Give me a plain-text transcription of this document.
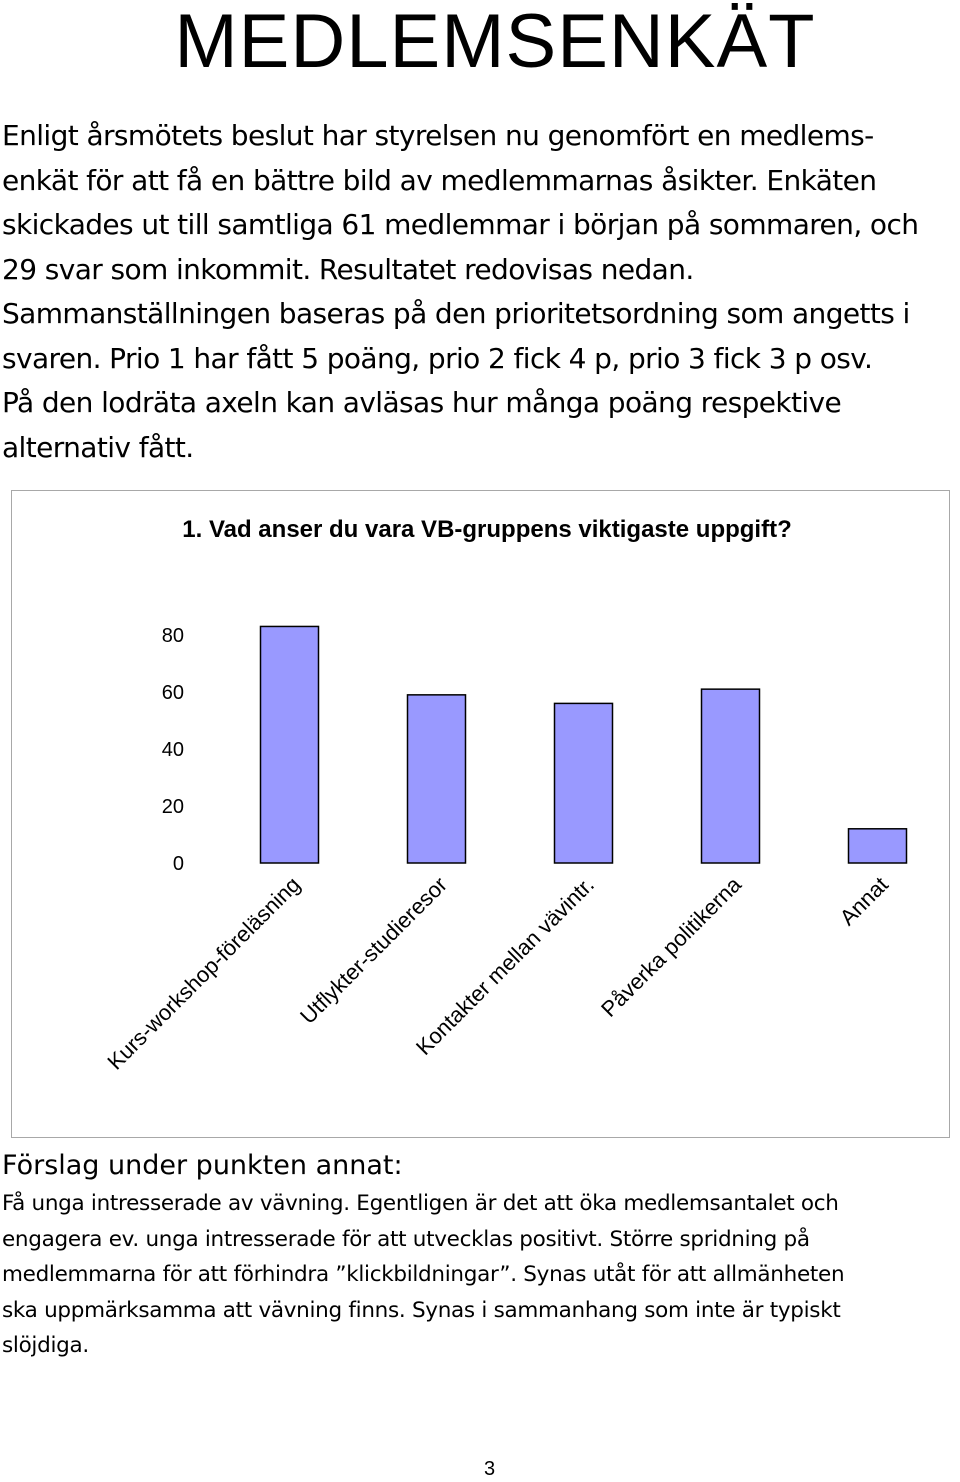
MEDLEMSENKÄT
Enligt årsmötets beslut har styrelsen nu genomfört en medlems-
enkät för att få en bättre bild av medlemmarnas åsikter. Enkäten
skickades ut till samtliga 61 medlemmar i början på sommaren, och
29 svar som inkommit. Resultatet redovisas nedan.
Sammanställningen baseras på den prioritetsordning som angetts i
svaren. Prio 1 har fått 5 poäng, prio 2 fick 4 p, prio 3 fick 3 p osv.
På den lodräta axeln kan avläsas hur många poäng respektive
alternativ fått.
1. Vad anser du vara VB-gruppens viktigaste uppgift?
0
20
40
60
80
Kurs-workshop-föreläsning
Utflykter-studieresor
Kontakter mellan vävintr.
Påverka politikerna	Annat
Förslag under punkten annat:
Få unga intresserade av vävning. Egentligen är det att öka medlemsantalet och
engagera ev. unga intresserade för att utvecklas positivt. Större spridning på
medlemmarna för att förhindra ”klickbildningar”. Synas utåt för att allmänheten
ska uppmärksamma att vävning finns. Synas i sammanhang som inte är typiskt
slöjdiga.
3
